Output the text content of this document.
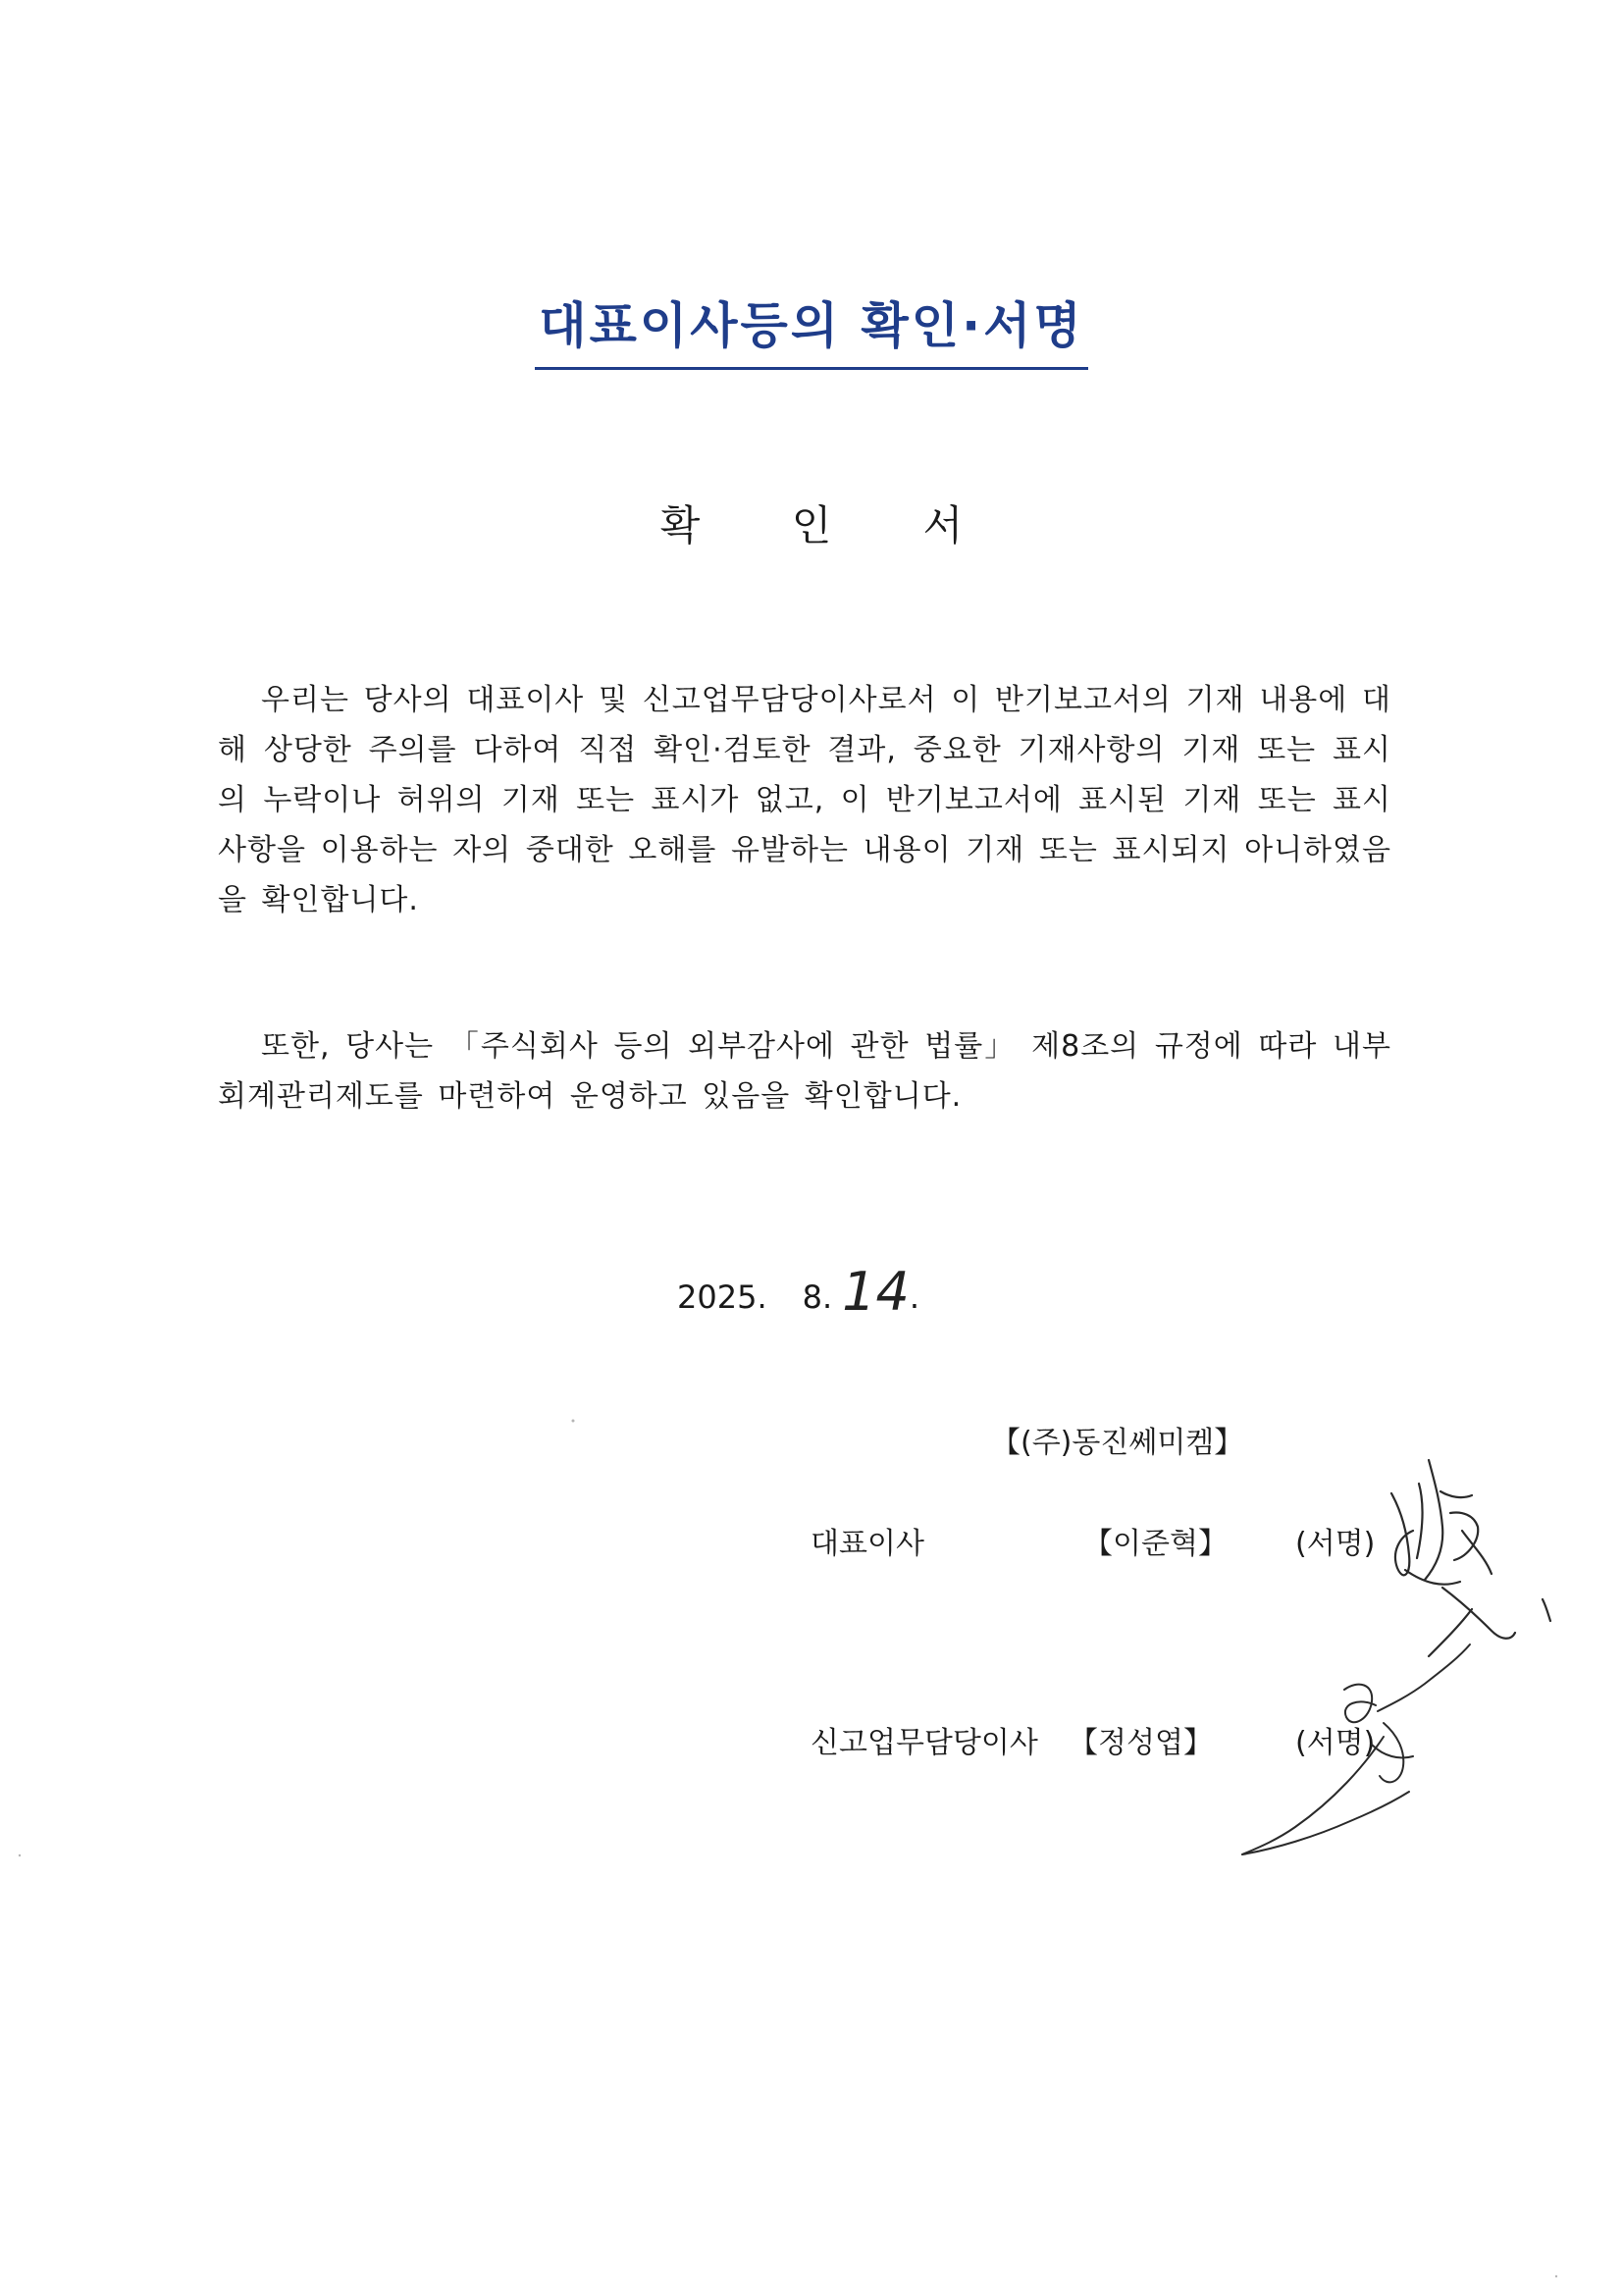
대표이사등의 확인·서명
확 인 서

우리는 당사의 대표이사 및 신고업무담당이사로서 이 반기보고서의 기재 내용에 대해 상당한 주의를 다하여 직접 확인·검토한 결과, 중요한 기재사항의 기재 또는 표시의 누락이나 허위의 기재 또는 표시가 없고, 이 반기보고서에 표시된 기재 또는 표시사항을 이용하는 자의 중대한 오해를 유발하는 내용이 기재 또는 표시되지 아니하였음을 확인합니다.

또한, 당사는 「주식회사 등의 외부감사에 관한 법률」 제8조의 규정에 따라 내부회계관리제도를 마련하여 운영하고 있음을 확인합니다.

2025. 8. 14.
【(주)동진쎄미켐】
대표이사	【이준혁】 (서명)
신고업무담당이사 【정성엽】	(서명)
